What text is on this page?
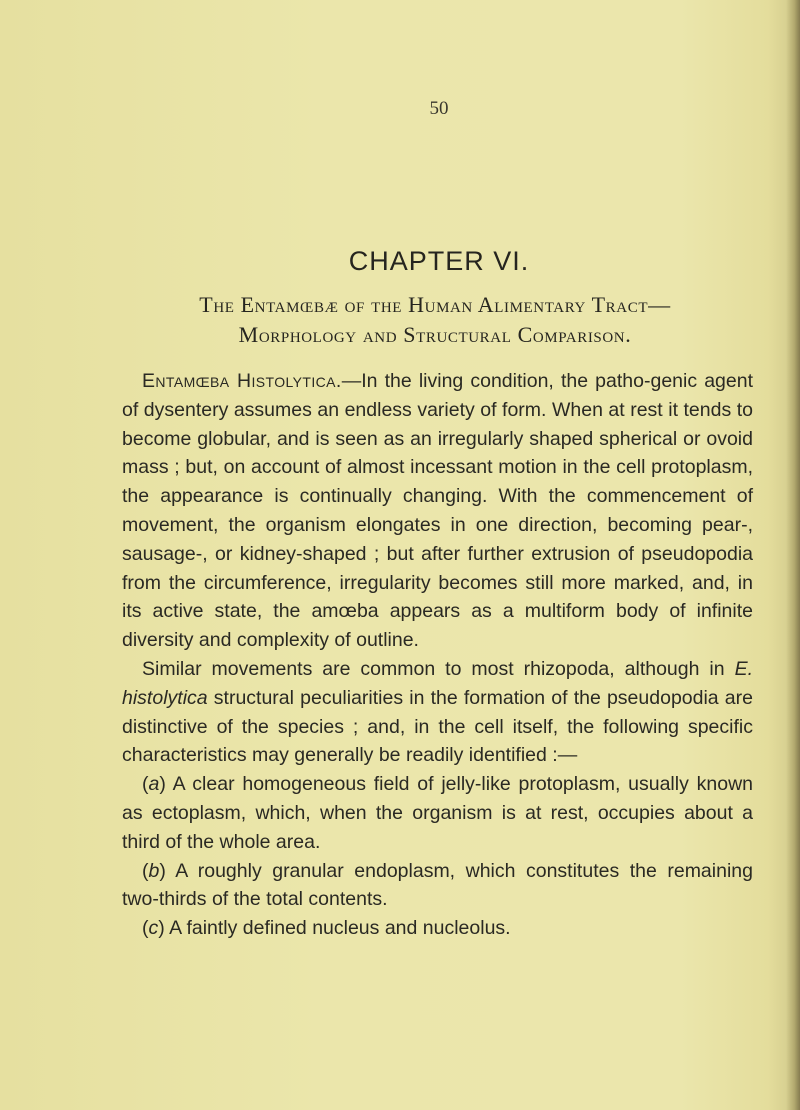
50
CHAPTER VI.
The Entamœbæ of the Human Alimentary Tract—
Morphology and Structural Comparison.

Entamœba Histolytica.—In the living condition, the patho-genic agent of dysentery assumes an endless variety of form. When at rest it tends to become globular, and is seen as an irregularly shaped spherical or ovoid mass ; but, on account of almost incessant motion in the cell protoplasm, the appearance is continually changing. With the commencement of movement, the organism elongates in one direction, becoming pear-, sausage-, or kidney-shaped ; but after further extrusion of pseudopodia from the circumference, irregularity becomes still more marked, and, in its active state, the amœba appears as a multiform body of infinite diversity and complexity of outline.

Similar movements are common to most rhizopoda, although in E. histolytica structural peculiarities in the formation of the pseudopodia are distinctive of the species ; and, in the cell itself, the following specific characteristics may generally be readily identified :—

(a) A clear homogeneous field of jelly-like protoplasm, usually known as ectoplasm, which, when the organism is at rest, occupies about a third of the whole area.

(b) A roughly granular endoplasm, which constitutes the remaining two-thirds of the total contents.

(c) A faintly defined nucleus and nucleolus.
